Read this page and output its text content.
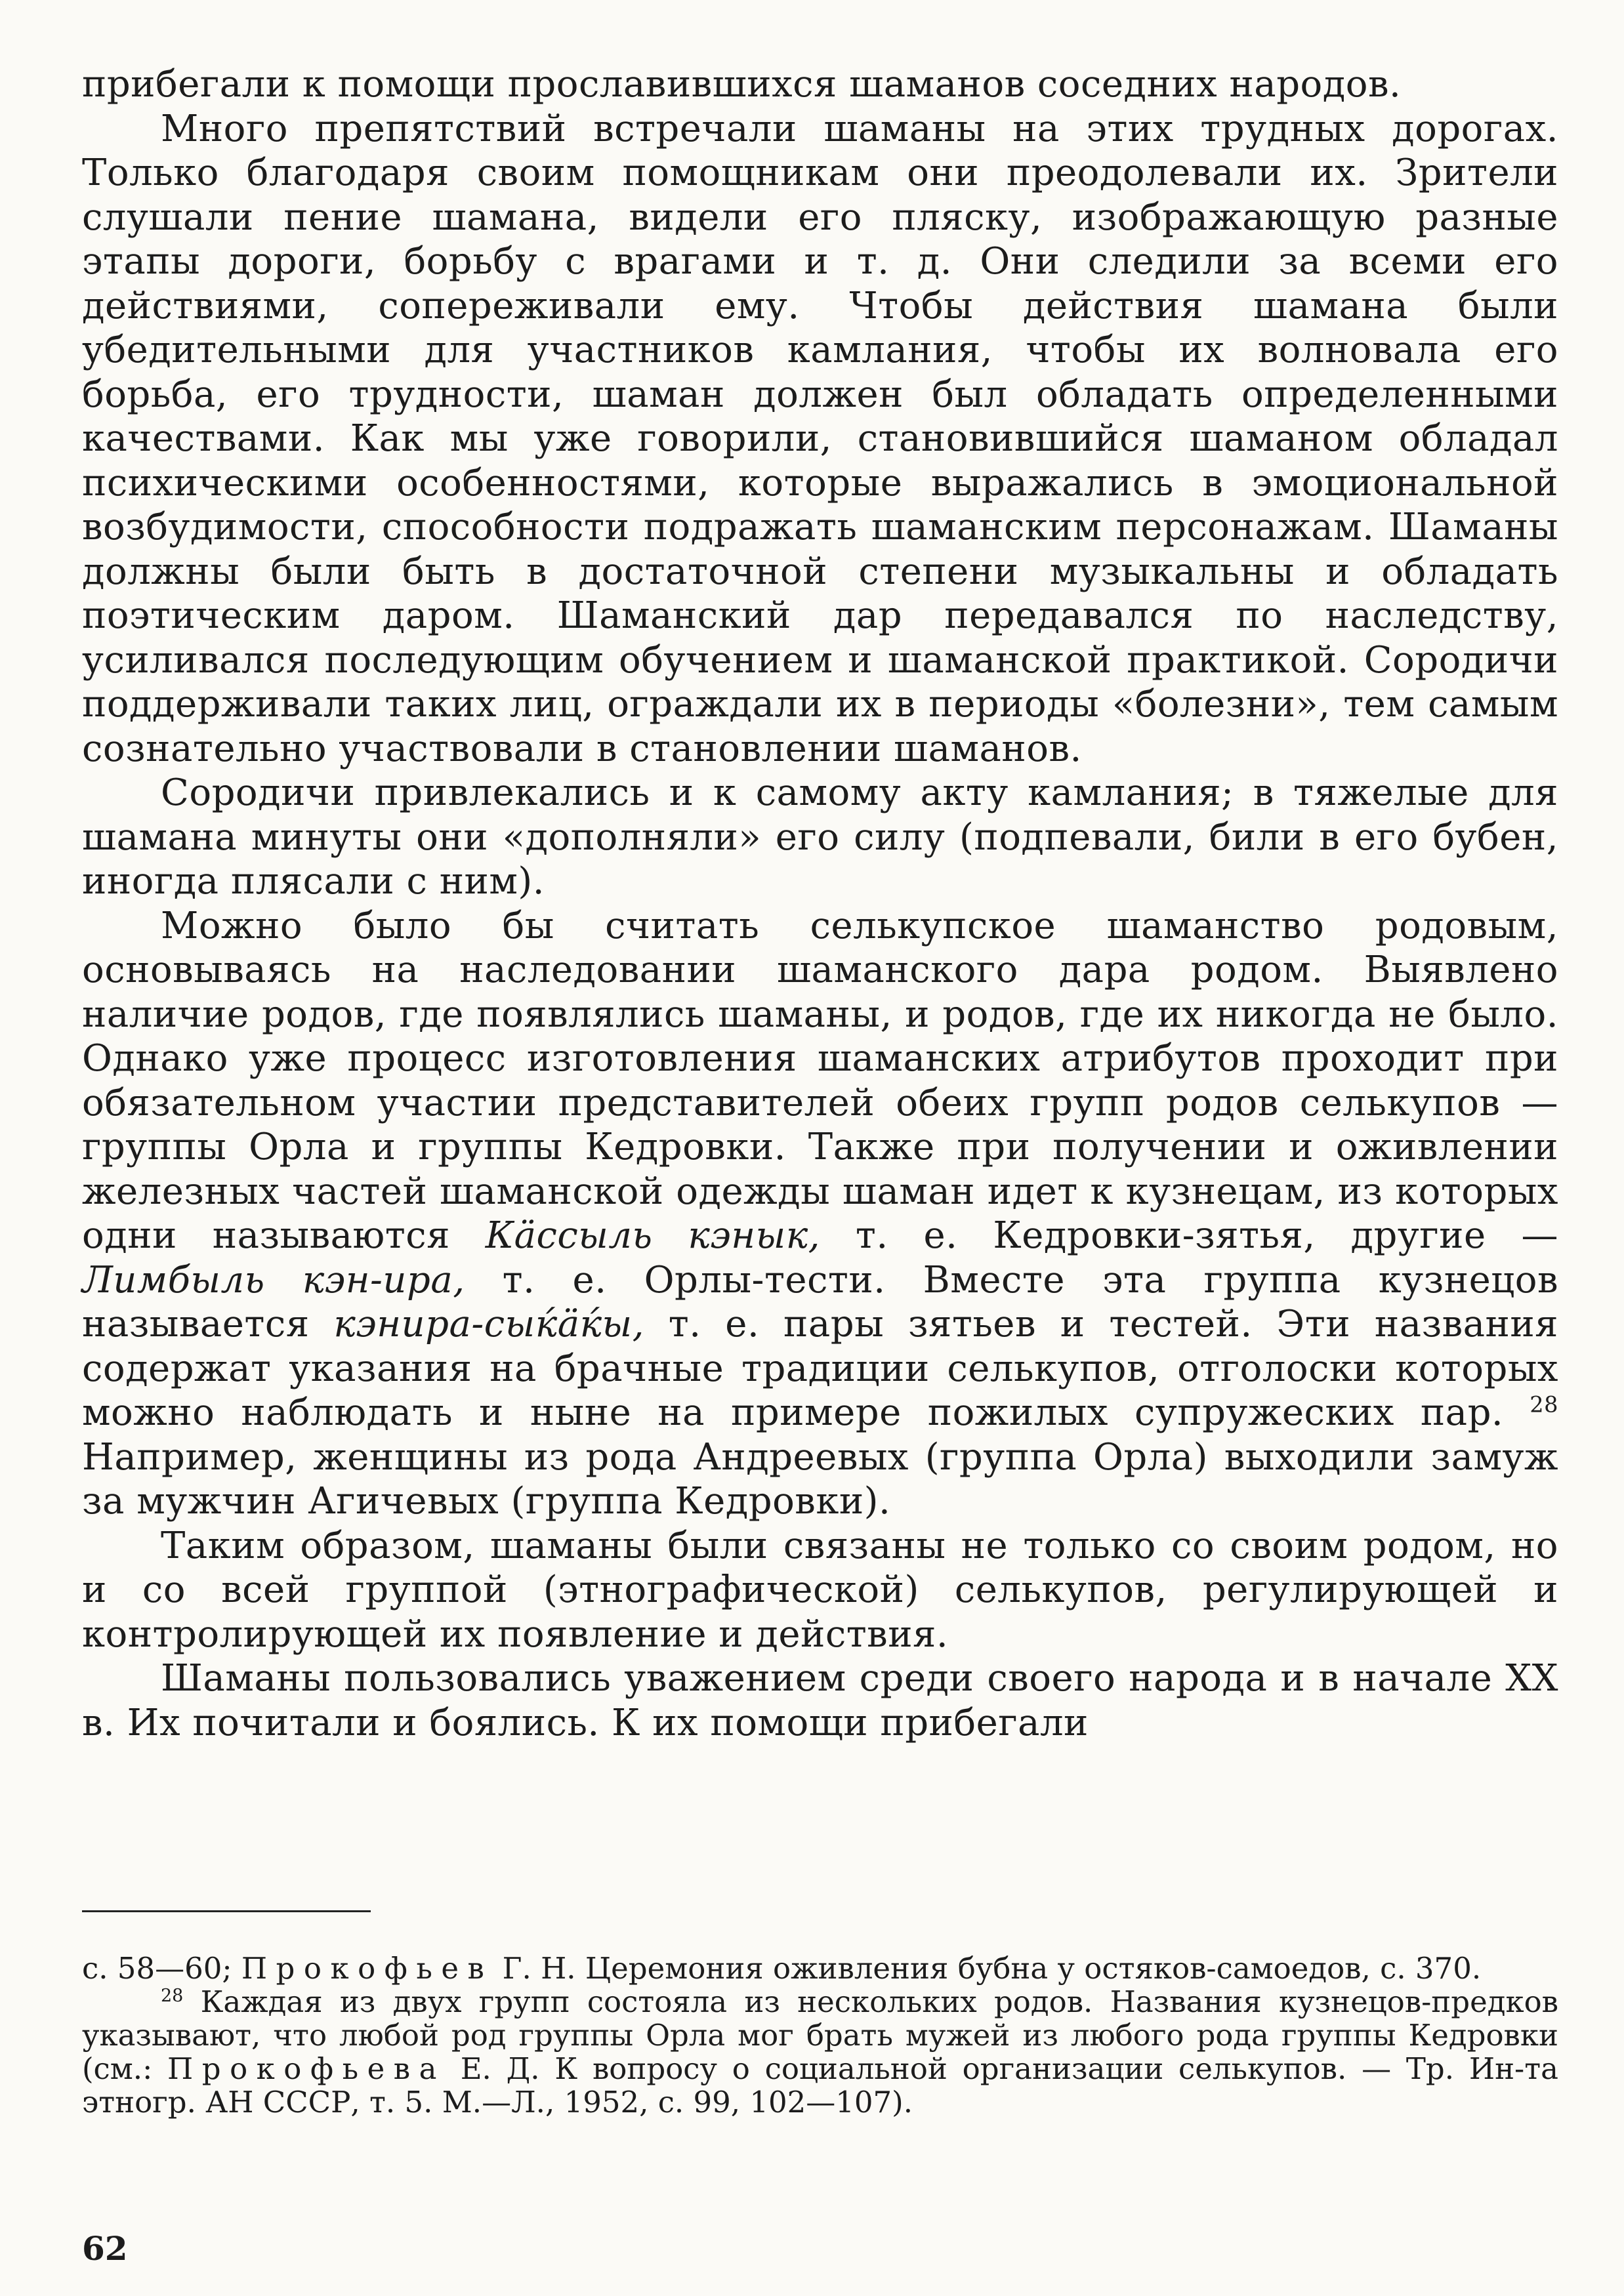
прибегали к помощи прославившихся шаманов соседних народов.

Много препятствий встречали шаманы на этих трудных дорогах. Только благодаря своим помощникам они преодолевали их. Зрители слушали пение шамана, видели его пляску, изображающую разные этапы дороги, борьбу с врагами и т. д. Они следили за всеми его действиями, сопереживали ему. Чтобы действия шамана были убедительными для участников камлания, чтобы их волновала его борьба, его трудности, шаман должен был обладать определенными качествами. Как мы уже говорили, становившийся шаманом обладал психическими особенностями, которые выражались в эмоциональной возбудимости, способности подражать шаманским персонажам. Шаманы должны были быть в достаточной степени музыкальны и обладать поэтическим даром. Шаманский дар передавался по наследству, усиливался последующим обучением и шаманской практикой. Сородичи поддерживали таких лиц, ограждали их в периоды «болезни», тем самым сознательно участвовали в становлении шаманов.

Сородичи привлекались и к самому акту камлания; в тяжелые для шамана минуты они «дополняли» его силу (подпевали, били в его бубен, иногда плясали с ним).

Можно было бы считать селькупское шаманство родовым, основываясь на наследовании шаманского дара родом. Выявлено наличие родов, где появлялись шаманы, и родов, где их никогда не было. Однако уже процесс изготовления шаманских атрибутов проходит при обязательном участии представителей обеих групп родов селькупов — группы Орла и группы Кедровки. Также при получении и оживлении железных частей шаманской одежды шаман идет к кузнецам, из которых одни называются Кäссыль кэнык, т. е. Кедровки-зятья, другие — Лимбыль кэн-ира, т. е. Орлы-тести. Вместе эта группа кузнецов называется кэнира-сыќäќы, т. е. пары зятьев и тестей. Эти названия содержат указания на брачные традиции селькупов, отголоски которых можно наблюдать и ныне на примере пожилых супружеских пар. $^{28}$ Например, женщины из рода Андреевых (группа Орла) выходили замуж за мужчин Агичевых (группа Кедровки).

Таким образом, шаманы были связаны не только со своим родом, но и со всей группой (этнографической) селькупов, регулирующей и контролирующей их появление и действия.

Шаманы пользовались уважением среди своего народа и в начале XX в. Их почитали и боялись. К их помощи прибегали

с. 58—60; Прокофьев Г. Н. Церемония оживления бубна у остяков-самоедов, с. 370.

$^{28}$ Каждая из двух групп состояла из нескольких родов. Названия кузнецов-предков указывают, что любой род группы Орла мог брать мужей из любого рода группы Кедровки (см.: Прокофьева Е. Д. К вопросу о социальной организации селькупов. — Тр. Ин-та этногр. АН СССР, т. 5. М.—Л., 1952, с. 99, 102—107).

62
